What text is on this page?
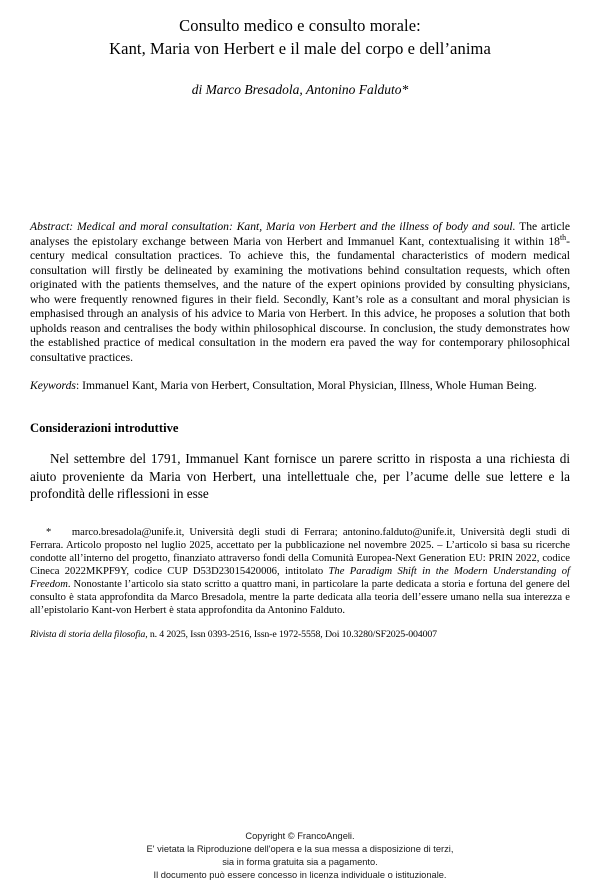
Consulto medico e consulto morale:
Kant, Maria von Herbert e il male del corpo e dell’anima
di Marco Bresadola, Antonino Falduto*
Abstract: Medical and moral consultation: Kant, Maria von Herbert and the illness of body and soul. The article analyses the epistolary exchange between Maria von Herbert and Immanuel Kant, contextualising it within 18th-century medical consultation practices. To achieve this, the fundamental characteristics of modern medical consultation will firstly be delineated by examining the motivations behind consultation requests, which often originated with the patients themselves, and the nature of the expert opinions provided by consulting physicians, who were frequently renowned figures in their field. Secondly, Kant’s role as a consultant and moral physician is emphasised through an analysis of his advice to Maria von Herbert. In this advice, he proposes a solution that both upholds reason and centralises the body within philosophical discourse. In conclusion, the study demonstrates how the established practice of medical consultation in the modern era paved the way for contemporary philosophical consultative practices.
Keywords: Immanuel Kant, Maria von Herbert, Consultation, Moral Physician, Illness, Whole Human Being.
Considerazioni introduttive
Nel settembre del 1791, Immanuel Kant fornisce un parere scritto in risposta a una richiesta di aiuto proveniente da Maria von Herbert, una intellettuale che, per l’acume delle sue lettere e la profondità delle riflessioni in esse
* marco.bresadola@unife.it, Università degli studi di Ferrara; antonino.falduto@unife.it, Università degli studi di Ferrara. Articolo proposto nel luglio 2025, accettato per la pubblicazione nel novembre 2025. – L’articolo si basa su ricerche condotte all’interno del progetto, finanziato attraverso fondi della Comunità Europea-Next Generation EU: PRIN 2022, codice Cineca 2022MKPF9Y, codice CUP D53D23015420006, intitolato The Paradigm Shift in the Modern Understanding of Freedom. Nonostante l’articolo sia stato scritto a quattro mani, in particolare la parte dedicata a storia e fortuna del genere del consulto è stata approfondita da Marco Bresadola, mentre la parte dedicata alla teoria dell’essere umano nella sua interezza e all’epistolario Kant-von Herbert è stata approfondita da Antonino Falduto.
Rivista di storia della filosofia, n. 4 2025, Issn 0393-2516, Issn-e 1972-5558, Doi 10.3280/SF2025-004007
Copyright © FrancoAngeli.
E' vietata la Riproduzione dell'opera e la sua messa a disposizione di terzi,
sia in forma gratuita sia a pagamento.
Il documento può essere concesso in licenza individuale o istituzionale.
